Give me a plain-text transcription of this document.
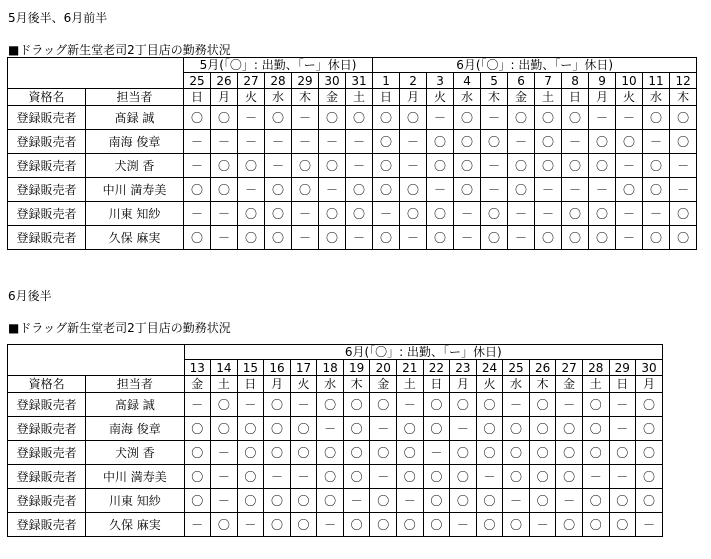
5月後半、6月前半
■ドラッグ新生堂老司2丁目店の勤務状況
		5月(「〇」: 出勤、「ー」休日)							6月(「〇」: 出勤、「ー」休日)											
		25	26	27	28	29	30	31	1	2	3	4	5	6	7	8	9	10	11	12
資格名	担当者	日	月	火	水	木	金	土	日	月	火	水	木	金	土	日	月	火	水	木
登録販売者	髙録 誠	〇	〇	－	〇	－	〇	〇	〇	〇	－	〇	－	〇	〇	〇	－	－	〇	〇
登録販売者	南海 俊章	－	－	－	－	－	－	－	〇	－	〇	〇	〇	－	〇	－	〇	〇	－	〇
登録販売者	犬渕 香	－	〇	〇	－	〇	〇	－	〇	－	〇	〇	－	〇	〇	〇	〇	－	〇	－
登録販売者	中川 満寿美	〇	〇	－	〇	〇	－	〇	〇	〇	－	〇	－	〇	－	－	－	〇	〇	－
登録販売者	川東 知紗	－	－	〇	〇	－	〇	〇	－	〇	〇	－	〇	－	－	〇	〇	－	－	〇
登録販売者	久保 麻実	〇	－	〇	〇	－	〇	－	〇	－	〇	－	〇	－	〇	〇	〇	－	〇	〇
6月後半
■ドラッグ新生堂老司2丁目店の勤務状況
		6月(「〇」: 出勤、「ー」休日)																	
		13	14	15	16	17	18	19	20	21	22	23	24	25	26	27	28	29	30
資格名	担当者	金	土	日	月	火	水	木	金	土	日	月	火	水	木	金	土	日	月
登録販売者	髙録 誠	－	〇	－	〇	－	〇	〇	〇	－	〇	〇	〇	－	〇	－	〇	－	〇
登録販売者	南海 俊章	〇	〇	〇	〇	〇	－	〇	－	〇	〇	－	〇	〇	〇	〇	〇	－	〇
登録販売者	犬渕 香	〇	－	〇	〇	〇	〇	〇	〇	〇	－	〇	〇	〇	〇	〇	〇	〇	〇
登録販売者	中川 満寿美	〇	－	〇	－	－	〇	〇	－	〇	〇	〇	－	〇	〇	〇	－	－	〇
登録販売者	川東 知紗	〇	－	〇	〇	〇	〇	－	〇	－	〇	〇	〇	－	〇	－	〇	〇	〇
登録販売者	久保 麻実	－	〇	－	〇	〇	－	〇	〇	〇	〇	－	〇	〇	－	〇	〇	〇	－
